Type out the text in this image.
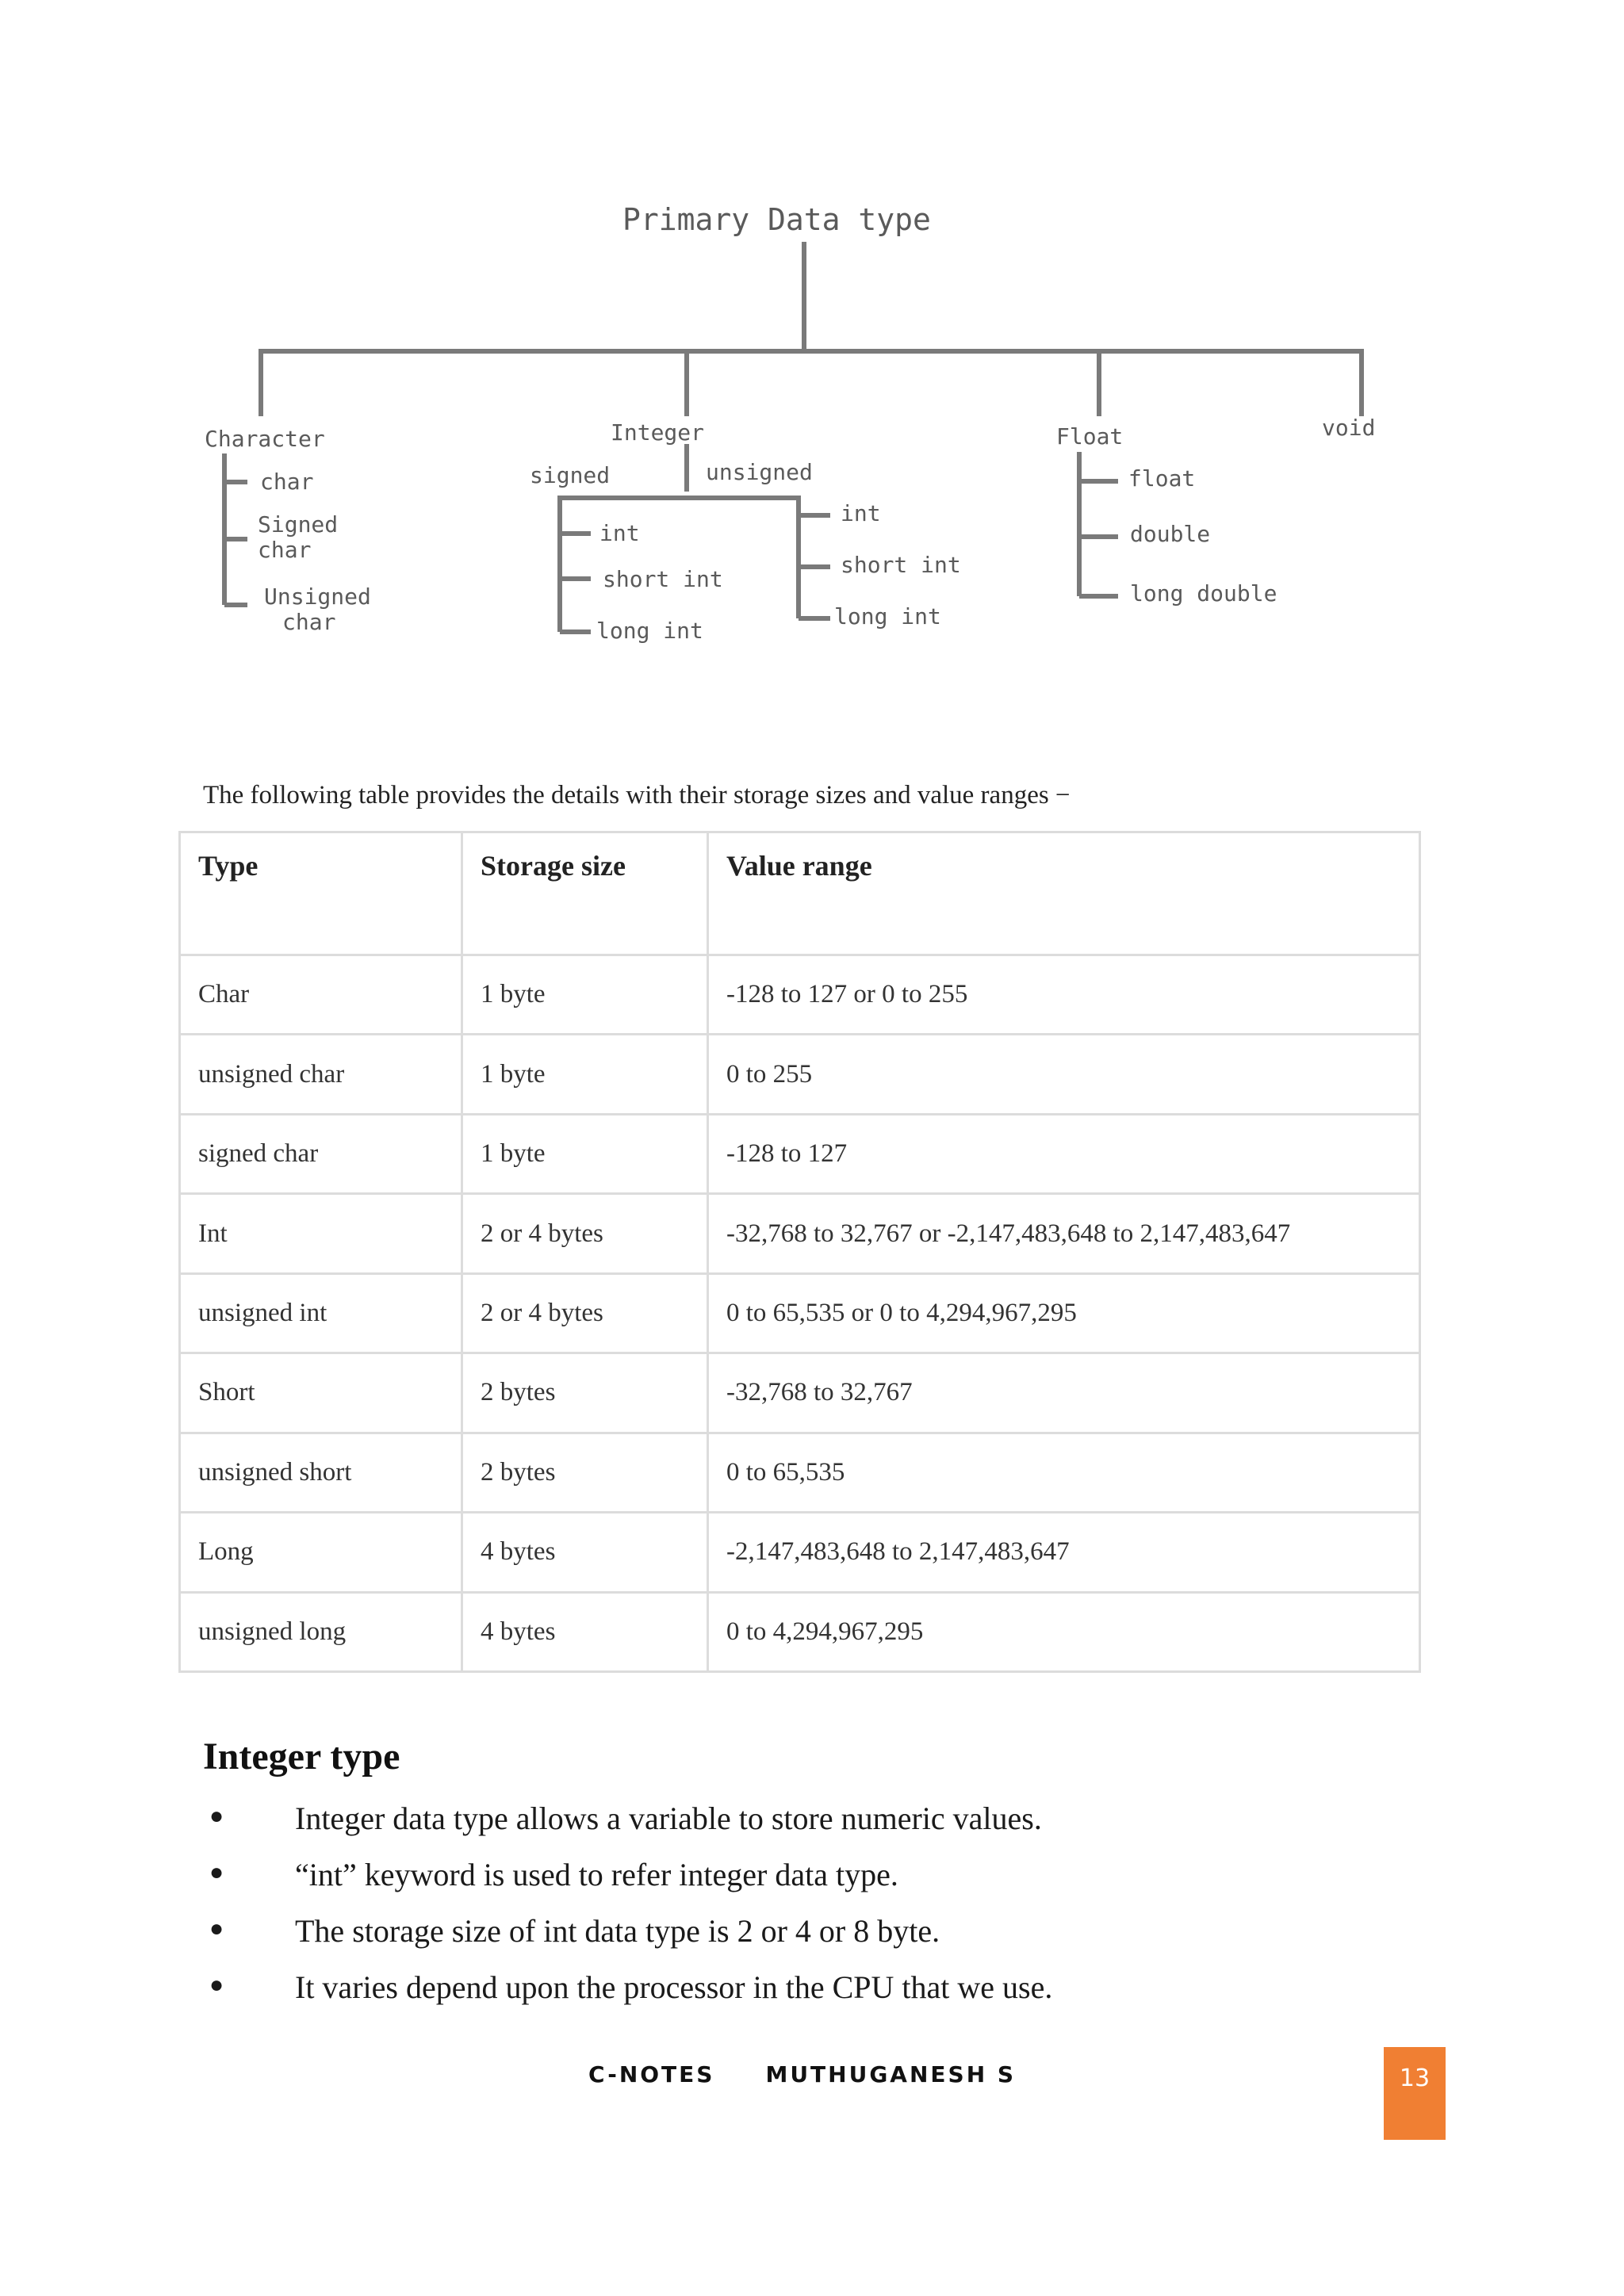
Primary Data type
Character
char
Signed
char
Unsigned
char
Integer
signed	unsigned
int
short int
long int
int
short int
long int
Float
float
double
long double
void
The following table provides the details with their storage sizes and value ranges −
Type	Storage size	Value range
Char	1 byte	-128 to 127 or 0 to 255
unsigned char	1 byte	0 to 255
signed char	1 byte	-128 to 127
Int	2 or 4 bytes	-32,768 to 32,767 or -2,147,483,648 to 2,147,483,647
unsigned int	2 or 4 bytes	0 to 65,535 or 0 to 4,294,967,295
Short	2 bytes	-32,768 to 32,767
unsigned short	2 bytes	0 to 65,535
Long	4 bytes	-2,147,483,648 to 2,147,483,647
unsigned long	4 bytes	0 to 4,294,967,295
Integer type
● Integer data type allows a variable to store numeric values.
● “int” keyword is used to refer integer data type.
● The storage size of int data type is 2 or 4 or 8 byte.
● It varies depend upon the processor in the CPU that we use.
C-NOTES MUTHUGANESH S	13
